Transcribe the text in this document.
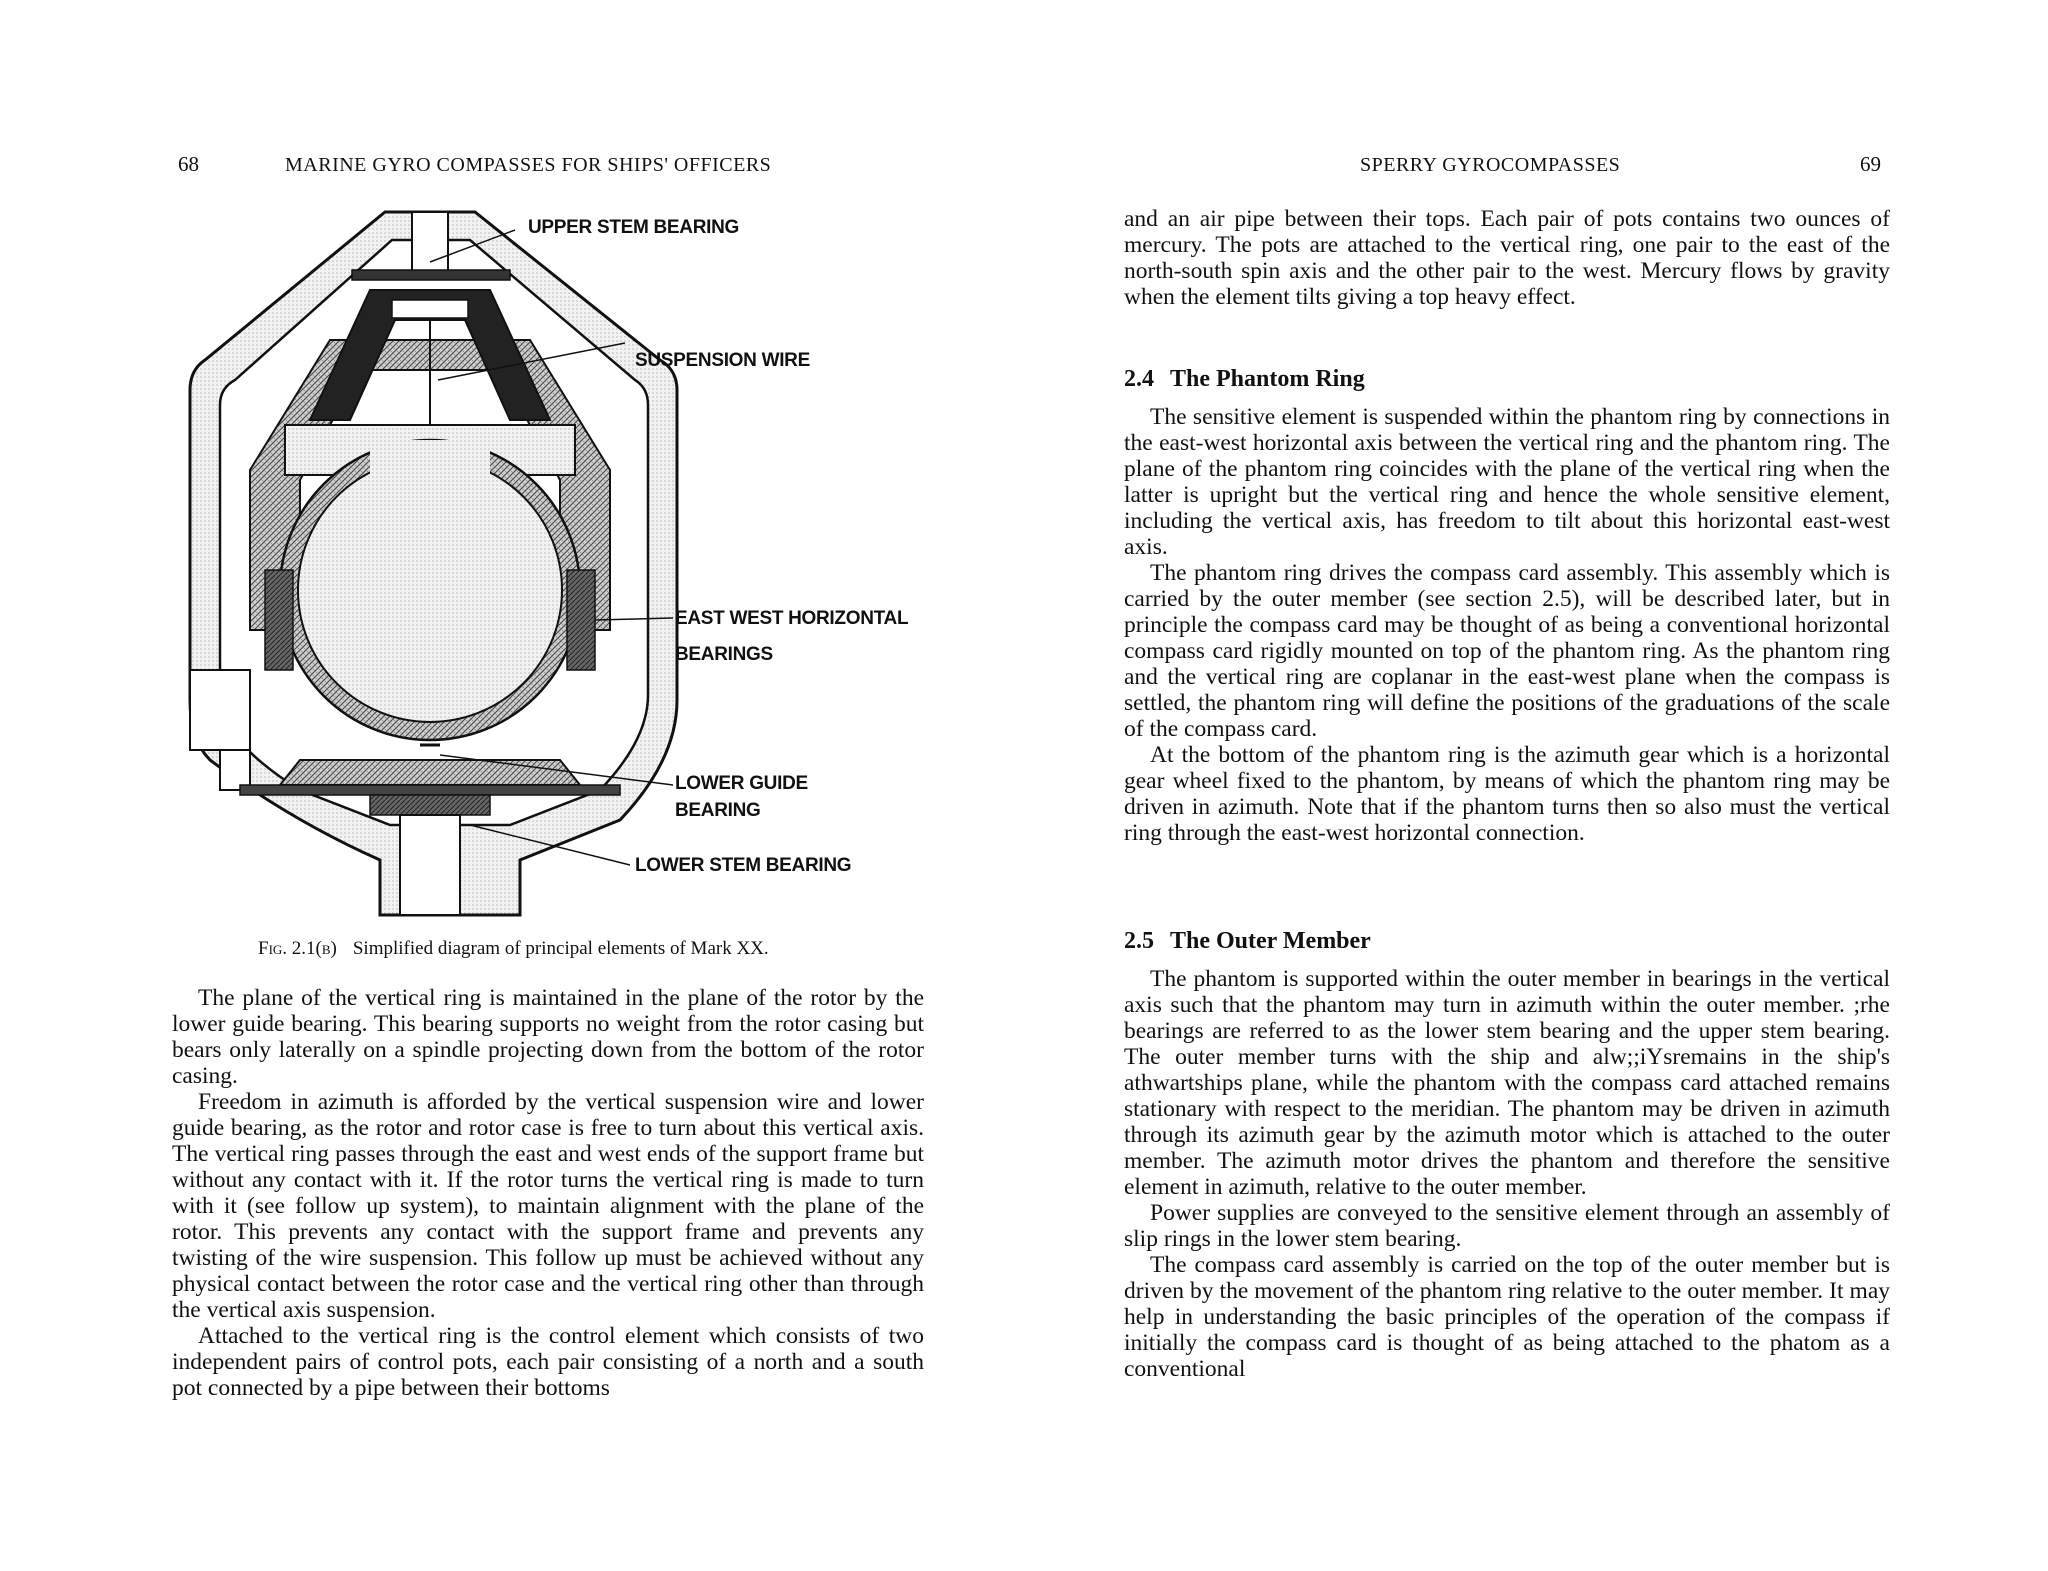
68	MARINE GYRO COMPASSES FOR SHIPS' OFFICERS
UPPER STEM BEARING
SUSPENSION WIRE
EAST WEST HORIZONTAL
BEARINGS
LOWER GUIDE
BEARING
LOWER STEM BEARING
Fig. 2.1(b) Simplified diagram of principal elements of Mark XX.

The plane of the vertical ring is maintained in the plane of the rotor by the lower guide bearing. This bearing supports no weight from the rotor casing but bears only laterally on a spindle projecting down from the bottom of the rotor casing.

Freedom in azimuth is afforded by the vertical suspension wire and lower guide bearing, as the rotor and rotor case is free to turn about this vertical axis. The vertical ring passes through the east and west ends of the support frame but without any contact with it. If the rotor turns the vertical ring is made to turn with it (see follow up system), to maintain alignment with the plane of the rotor. This prevents any contact with the support frame and prevents any twisting of the wire suspension. This follow up must be achieved without any physical contact between the rotor case and the vertical ring other than through the vertical axis suspension.

Attached to the vertical ring is the control element which consists of two independent pairs of control pots, each pair consisting of a north and a south pot connected by a pipe between their bottoms

SPERRY GYROCOMPASSES	69

and an air pipe between their tops. Each pair of pots contains two ounces of mercury. The pots are attached to the vertical ring, one pair to the east of the north-south spin axis and the other pair to the west. Mercury flows by gravity when the element tilts giving a top heavy effect.

2.4 The Phantom Ring

The sensitive element is suspended within the phantom ring by connections in the east-west horizontal axis between the vertical ring and the phantom ring. The plane of the phantom ring coincides with the plane of the vertical ring when the latter is upright but the vertical ring and hence the whole sensitive element, including the vertical axis, has freedom to tilt about this horizontal east-west axis.

The phantom ring drives the compass card assembly. This assembly which is carried by the outer member (see section 2.5), will be described later, but in principle the compass card may be thought of as being a conventional horizontal compass card rigidly mounted on top of the phantom ring. As the phantom ring and the vertical ring are coplanar in the east-west plane when the compass is settled, the phantom ring will define the positions of the graduations of the scale of the compass card.

At the bottom of the phantom ring is the azimuth gear which is a horizontal gear wheel fixed to the phantom, by means of which the phantom ring may be driven in azimuth. Note that if the phantom turns then so also must the vertical ring through the east-west horizontal connection.

2.5 The Outer Member

The phantom is supported within the outer member in bearings in the vertical axis such that the phantom may turn in azimuth within the outer member. ;rhe bearings are referred to as the lower stem bearing and the upper stem bearing. The outer member turns with the ship and alw;;iYsremains in the ship's athwartships plane, while the phantom with the compass card attached remains stationary with respect to the meridian. The phantom may be driven in azimuth through its azimuth gear by the azimuth motor which is attached to the outer member. The azimuth motor drives the phantom and therefore the sensitive element in azimuth, relative to the outer member.

Power supplies are conveyed to the sensitive element through an assembly of slip rings in the lower stem bearing.

The compass card assembly is carried on the top of the outer member but is driven by the movement of the phantom ring relative to the outer member. It may help in understanding the basic principles of the operation of the compass if initially the compass card is thought of as being attached to the phatom as a conventional
